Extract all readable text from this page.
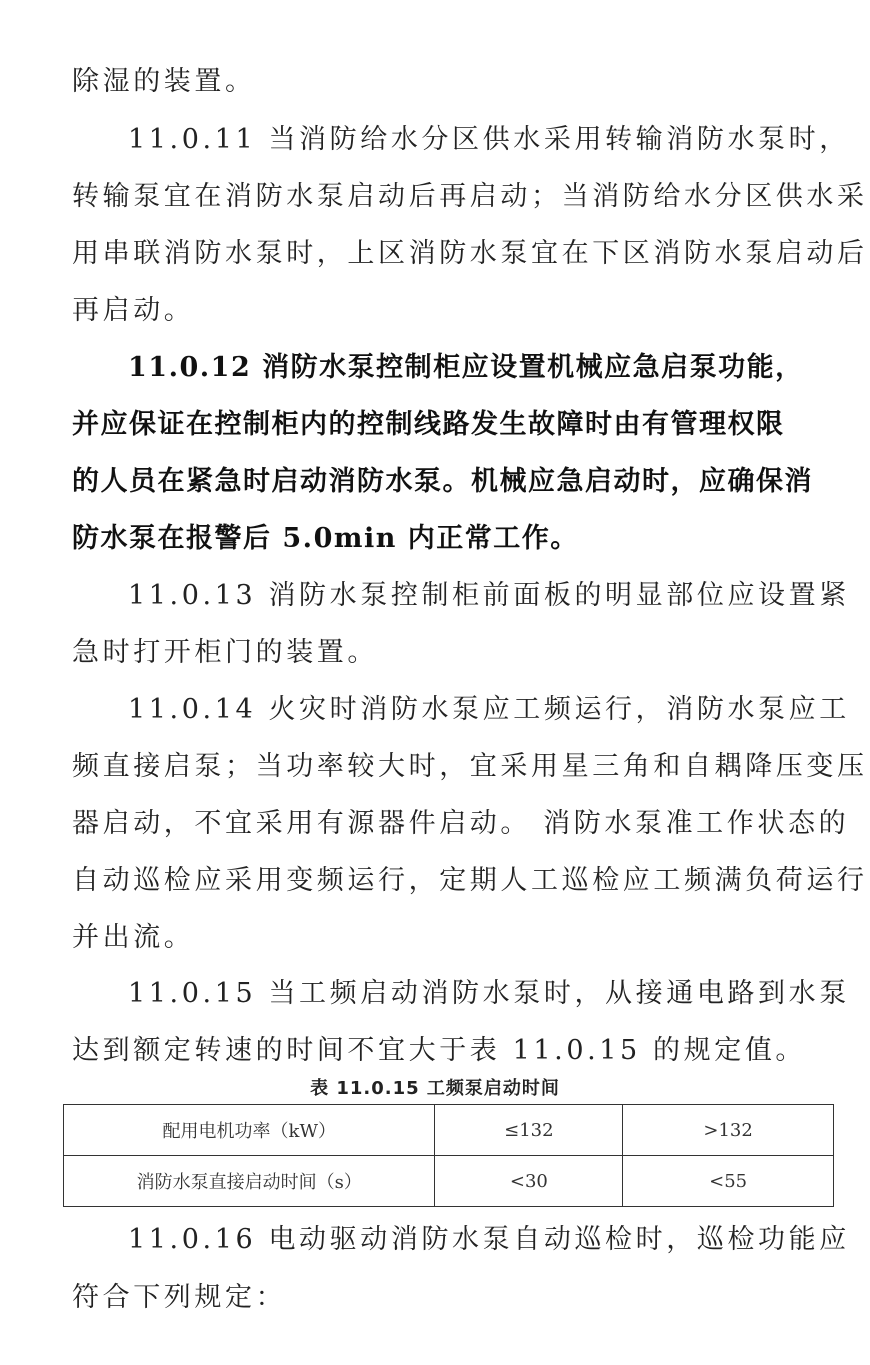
除湿的装置。
11.0.11 当消防给水分区供水采用转输消防水泵时，
转输泵宜在消防水泵启动后再启动；当消防给水分区供水采
用串联消防水泵时，上区消防水泵宜在下区消防水泵启动后
再启动。
11.0.12 消防水泵控制柜应设置机械应急启泵功能，
并应保证在控制柜内的控制线路发生故障时由有管理权限
的人员在紧急时启动消防水泵。机械应急启动时，应确保消
防水泵在报警后 5.0min 内正常工作。
11.0.13 消防水泵控制柜前面板的明显部位应设置紧
急时打开柜门的装置。
11.0.14 火灾时消防水泵应工频运行，消防水泵应工
频直接启泵；当功率较大时，宜采用星三角和自耦降压变压
器启动，不宜采用有源器件启动。 消防水泵准工作状态的
自动巡检应采用变频运行，定期人工巡检应工频满负荷运行
并出流。
11.0.15 当工频启动消防水泵时，从接通电路到水泵
达到额定转速的时间不宜大于表 11.0.15 的规定值。
表 11.0.15 工频泵启动时间
配用电机功率（kW）	≤132	>132
消防水泵直接启动时间（s）	<30	<55
11.0.16 电动驱动消防水泵自动巡检时，巡检功能应
符合下列规定：
